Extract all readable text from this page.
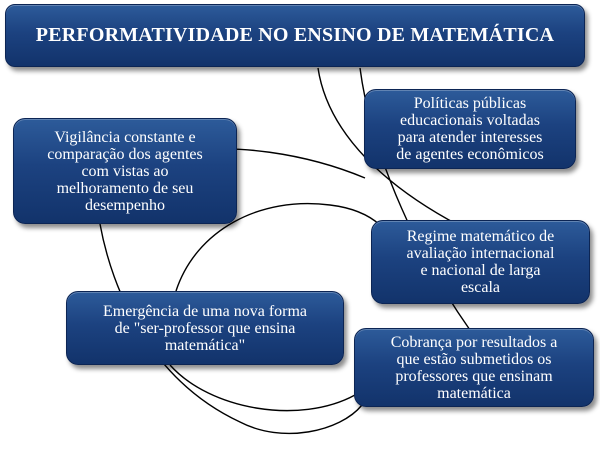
PERFORMATIVIDADE NO ENSINO DE MATEMÁTICA
Políticas públicas
educacionais voltadas
para atender interesses
de agentes econômicos
Vigilância constante e
comparação dos agentes
com vistas ao
melhoramento de seu
desempenho
Regime matemático de
avaliação internacional
e nacional de larga
escala
Emergência de uma nova forma
de "ser-professor que ensina
matemática"	Cobrança por resultados a
que estão submetidos os
professores que ensinam
matemática
